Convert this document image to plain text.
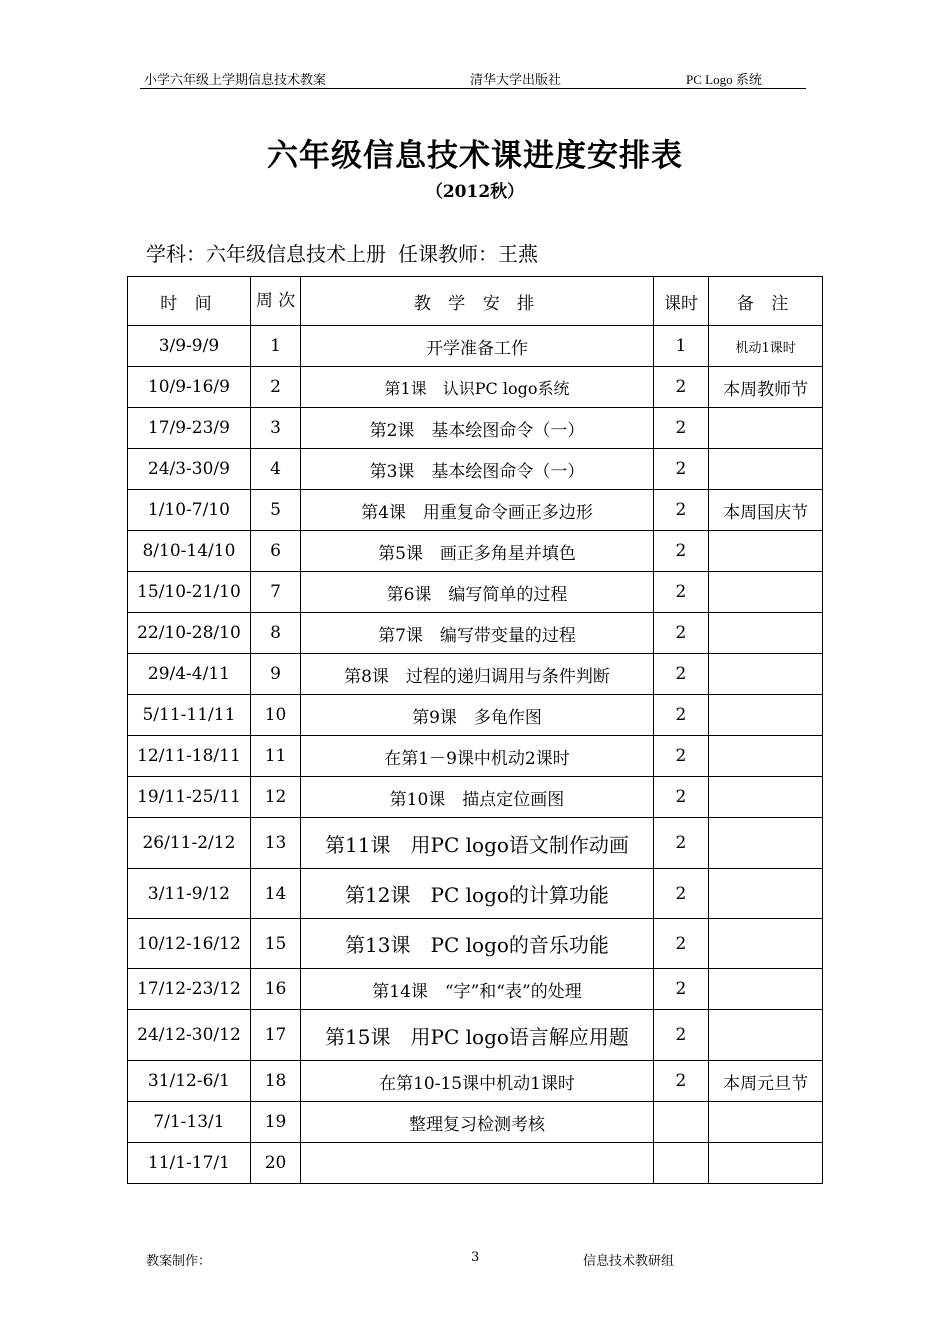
小学六年级上学期信息技术教案	清华大学出版社	PC Logo 系统
六年级信息技术课进度安排表
（2012秋）
学科：六年级信息技术上册 任课教师：王燕
时 间	周 次	教 学 安 排	课时	备 注
3/9-9/9	1	开学准备工作	1	机动1课时
10/9-16/9	2	第1课　认识PC logo系统	2	本周教师节
17/9-23/9	3	第2课　基本绘图命令（一）	2	
24/3-30/9	4	第3课　基本绘图命令（一）	2	
1/10-7/10	5	第4课　用重复命令画正多边形	2	本周国庆节
8/10-14/10	6	第5课　画正多角星并填色	2	
15/10-21/10	7	第6课　编写简单的过程	2	
22/10-28/10	8	第7课　编写带变量的过程	2	
29/4-4/11	9	第8课　过程的递归调用与条件判断	2	
5/11-11/11	10	第9课　多龟作图	2	
12/11-18/11	11	在第1－9课中机动2课时	2	
19/11-25/11	12	第10课　描点定位画图	2	
26/11-2/12	13	第11课　用PC logo语文制作动画	2	
3/11-9/12	14	第12课　PC logo的计算功能	2	
10/12-16/12	15	第13课　PC logo的音乐功能	2	
17/12-23/12	16	第14课　“字”和“表”的处理	2	
24/12-30/12	17	第15课　用PC logo语言解应用题	2	
31/12-6/1	18	在第10-15课中机动1课时	2	本周元旦节
7/1-13/1	19	整理复习检测考核		
11/1-17/1	20			
教案制作：	3	信息技术教研组
